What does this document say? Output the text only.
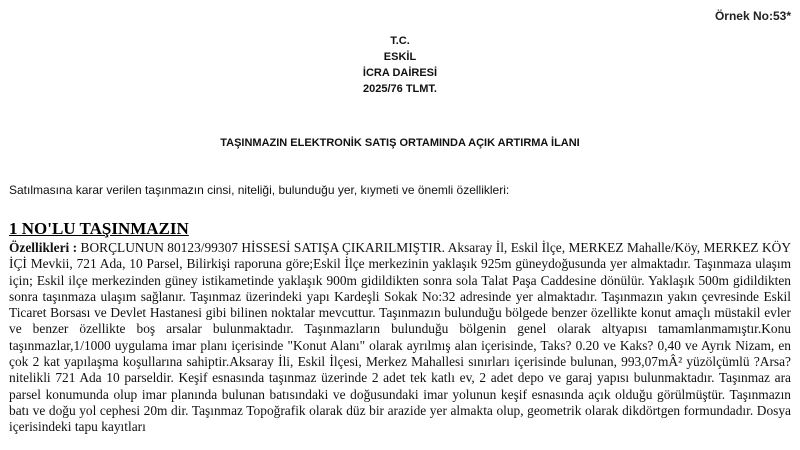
Örnek No:53*
T.C.
ESKİL
İCRA DAİRESİ
2025/76 TLMT.
TAŞINMAZIN ELEKTRONİK SATIŞ ORTAMINDA AÇIK ARTIRMA İLANI
Satılmasına karar verilen taşınmazın cinsi, niteliği, bulunduğu yer, kıymeti ve önemli özellikleri:
1 NO'LU TAŞINMAZIN
Özellikleri : BORÇLUNUN 80123/99307 HİSSESİ SATIŞA ÇIKARILMIŞTIR. Aksaray İl, Eskil İlçe, MERKEZ Mahalle/Köy, MERKEZ KÖY İÇİ Mevkii, 721 Ada, 10 Parsel, Bilirkişi raporuna göre;Eskil İlçe merkezinin yaklaşık 925m güneydoğusunda yer almaktadır. Taşınmaza ulaşım için; Eskil ilçe merkezinden güney istikametinde yaklaşık 900m gidildikten sonra sola Talat Paşa Caddesine dönülür. Yaklaşık 500m gidildikten sonra taşınmaza ulaşım sağlanır. Taşınmaz üzerindeki yapı Kardeşli Sokak No:32 adresinde yer almaktadır. Taşınmazın yakın çevresinde Eskil Ticaret Borsası ve Devlet Hastanesi gibi bilinen noktalar mevcuttur. Taşınmazın bulunduğu bölgede benzer özellikte konut amaçlı müstakil evler ve benzer özellikte boş arsalar bulunmaktadır. Taşınmazların bulunduğu bölgenin genel olarak altyapısı tamamlanmamıştır.Konu taşınmazlar,1/1000 uygulama imar planı içerisinde "Konut Alanı" olarak ayrılmış alan içerisinde, Taks? 0.20 ve Kaks? 0,40 ve Ayrık Nizam, en çok 2 kat yapılaşma koşullarına sahiptir.Aksaray İli, Eskil İlçesi, Merkez Mahallesi sınırları içerisinde bulunan, 993,07mÂ² yüzölçümlü ?Arsa? nitelikli 721 Ada 10 parseldir. Keşif esnasında taşınmaz üzerinde 2 adet tek katlı ev, 2 adet depo ve garaj yapısı bulunmaktadır. Taşınmaz ara parsel konumunda olup imar planında bulunan batısındaki ve doğusundaki imar yolunun keşif esnasında açık olduğu görülmüştür. Taşınmazın batı ve doğu yol cephesi 20m dir. Taşınmaz Topoğrafik olarak düz bir arazide yer almakta olup, geometrik olarak dikdörtgen formundadır. Dosya içerisindeki tapu kayıtları
